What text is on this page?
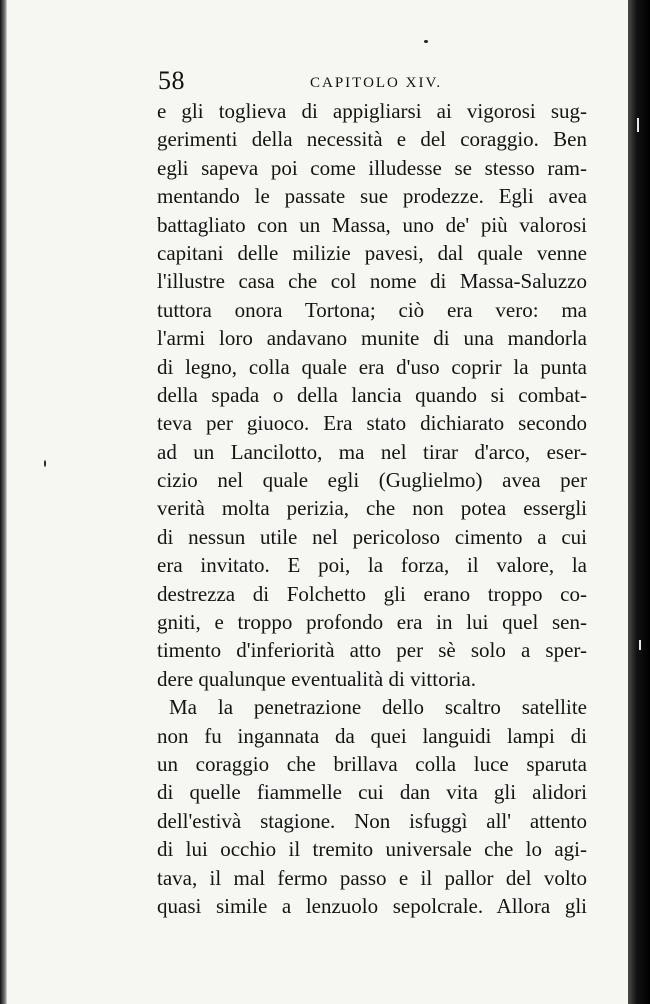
58	CAPITOLO XIV.
e gli toglieva di appigliarsi ai vigorosi sug-
gerimenti della necessità e del coraggio. Ben
egli sapeva poi come illudesse se stesso ram-
mentando le passate sue prodezze. Egli avea
battagliato con un Massa, uno de' più valorosi
capitani delle milizie pavesi, dal quale venne
l'illustre casa che col nome di Massa-Saluzzo
tuttora onora Tortona; ciò era vero: ma
l'armi loro andavano munite di una mandorla
di legno, colla quale era d'uso coprir la punta
della spada o della lancia quando si combat-
teva per giuoco. Era stato dichiarato secondo
ad un Lancilotto, ma nel tirar d'arco, eser-
cizio nel quale egli (Guglielmo) avea per
verità molta perizia, che non potea essergli
di nessun utile nel pericoloso cimento a cui
era invitato. E poi, la forza, il valore, la
destrezza di Folchetto gli erano troppo co-
gniti, e troppo profondo era in lui quel sen-
timento d'inferiorità atto per sè solo a sper-
dere qualunque eventualità di vittoria.
Ma la penetrazione dello scaltro satellite
non fu ingannata da quei languidi lampi di
un coraggio che brillava colla luce sparuta
di quelle fiammelle cui dan vita gli alidori
dell'estivà stagione. Non isfuggì all' attento
di lui occhio il tremito universale che lo agi-
tava, il mal fermo passo e il pallor del volto
quasi simile a lenzuolo sepolcrale. Allora gli
